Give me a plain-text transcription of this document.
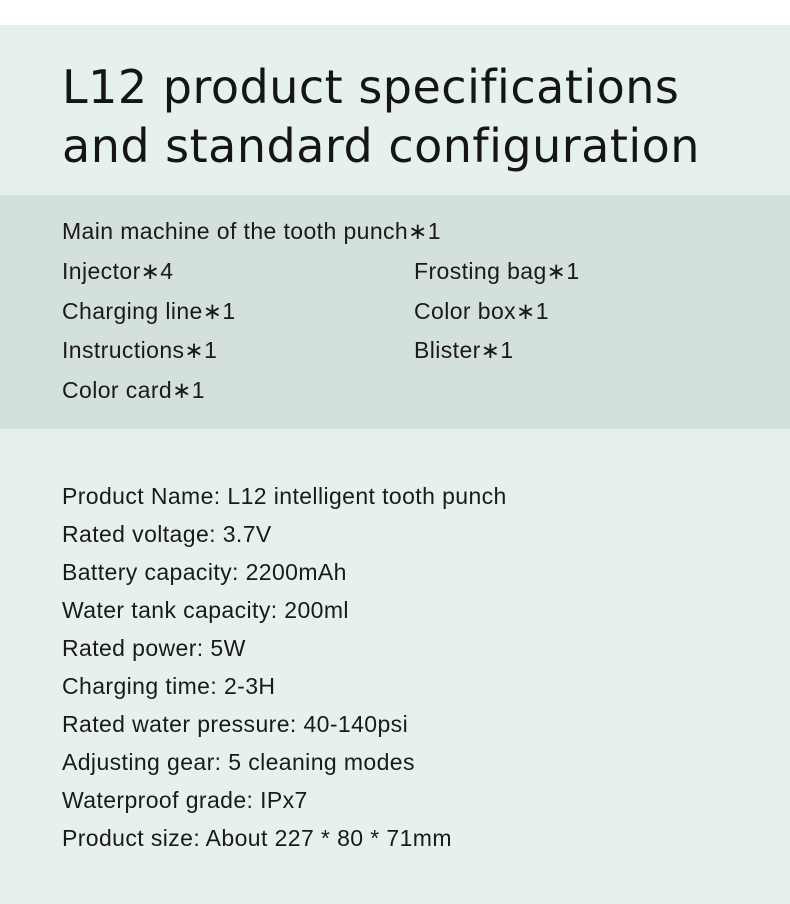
L12 product specifications
and standard configuration
Main machine of the tooth punch∗1
Injector∗4	Frosting bag∗1
Charging line∗1	Color box∗1
Instructions∗1	Blister∗1
Color card∗1
Product Name: L12 intelligent tooth punch
Rated voltage: 3.7V
Battery capacity: 2200mAh
Water tank capacity: 200ml
Rated power: 5W
Charging time: 2-3H
Rated water pressure: 40-140psi
Adjusting gear: 5 cleaning modes
Waterproof grade: IPx7
Product size: About 227 * 80 * 71mm
